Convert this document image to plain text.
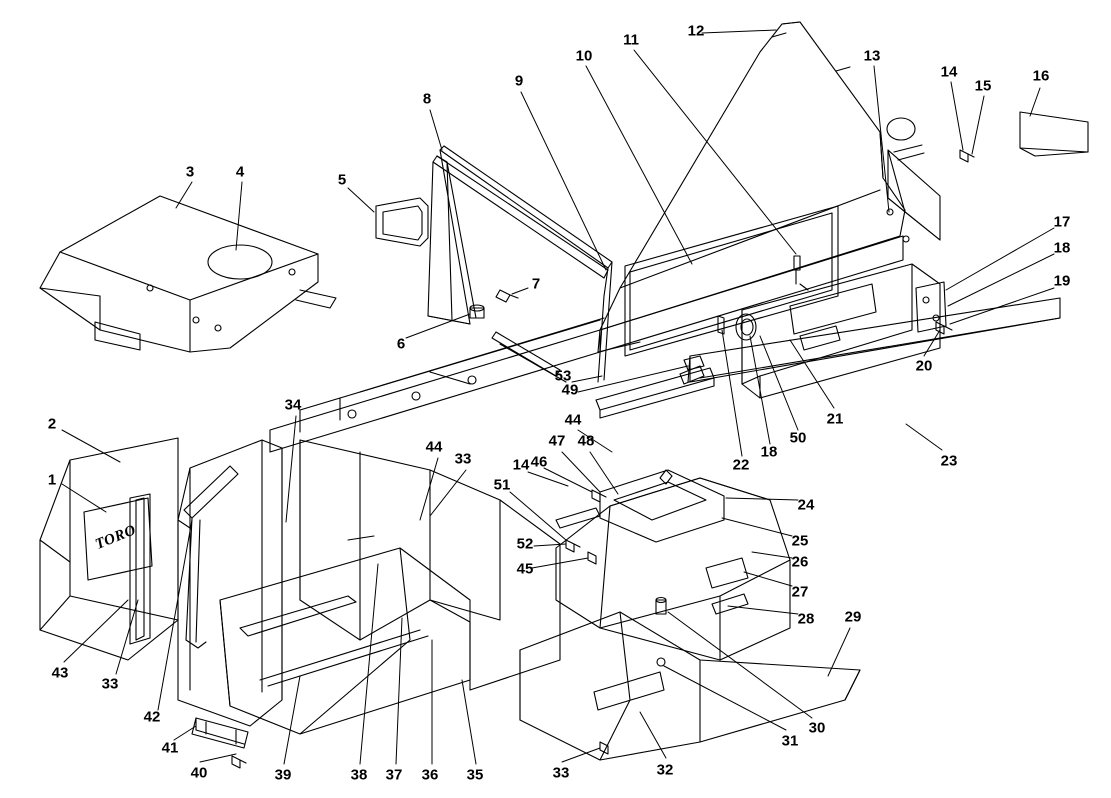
TORO
1
2
3	4	5
6
7
8
9
10
11
12
13
14
15
16
17
18
19
20
21
22
18
50
23
24
25
26
27
28 29
30
31
32
33
33
33
34
35
36
37
38
39
40
41
42
43
44
44
45
46
47 48
49
51
52
53
14
